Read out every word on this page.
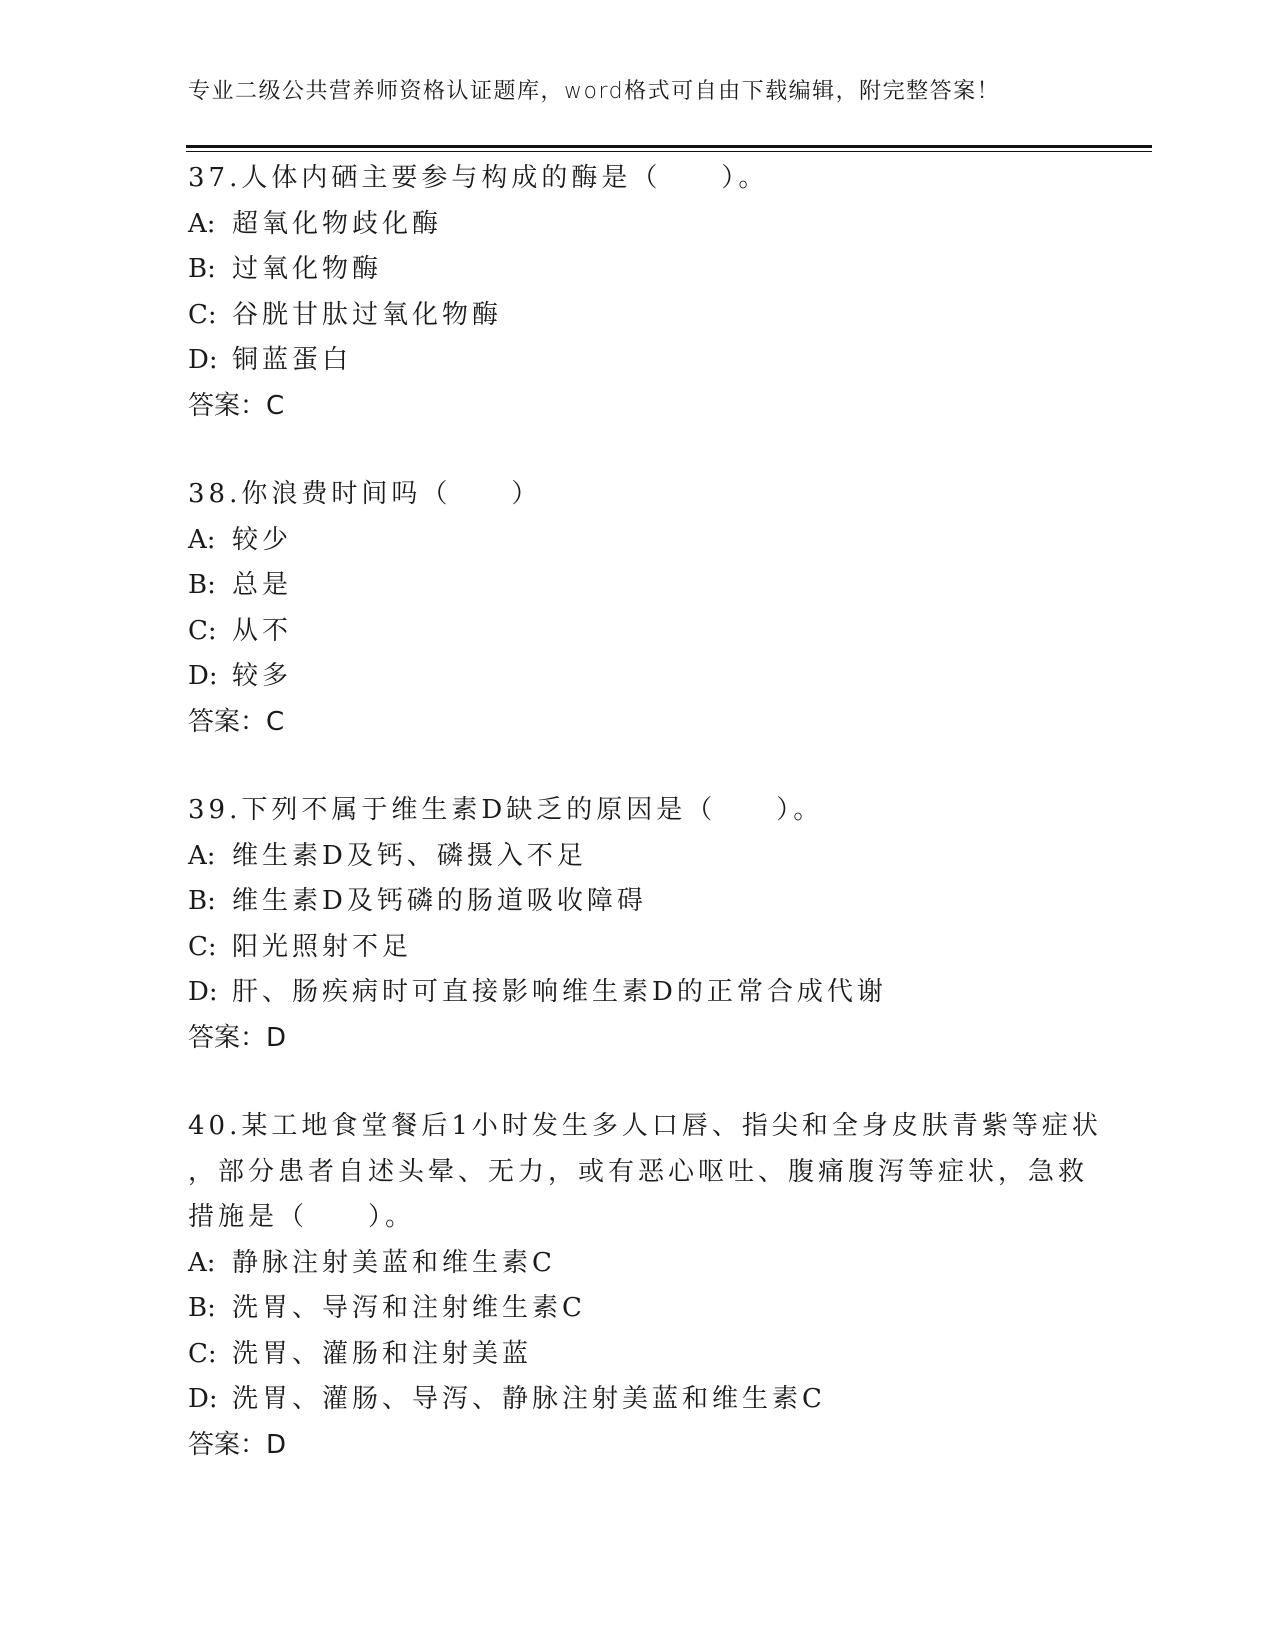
专业二级公共营养师资格认证题库，word格式可自由下载编辑，附完整答案！
37.人体内硒主要参与构成的酶是（　　）。
A: 超氧化物歧化酶
B: 过氧化物酶
C: 谷胱甘肽过氧化物酶
D: 铜蓝蛋白
答案：C
38.你浪费时间吗（　　）
A: 较少
B: 总是
C: 从不
D: 较多
答案：C
39.下列不属于维生素D缺乏的原因是（　　）。
A: 维生素D及钙、磷摄入不足
B: 维生素D及钙磷的肠道吸收障碍
C: 阳光照射不足
D: 肝、肠疾病时可直接影响维生素D的正常合成代谢
答案：D
40.某工地食堂餐后1小时发生多人口唇、指尖和全身皮肤青紫等症状
，部分患者自述头晕、无力，或有恶心呕吐、腹痛腹泻等症状，急救
措施是（　　）。
A: 静脉注射美蓝和维生素C
B: 洗胃、导泻和注射维生素C
C: 洗胃、灌肠和注射美蓝
D: 洗胃、灌肠、导泻、静脉注射美蓝和维生素C
答案：D
